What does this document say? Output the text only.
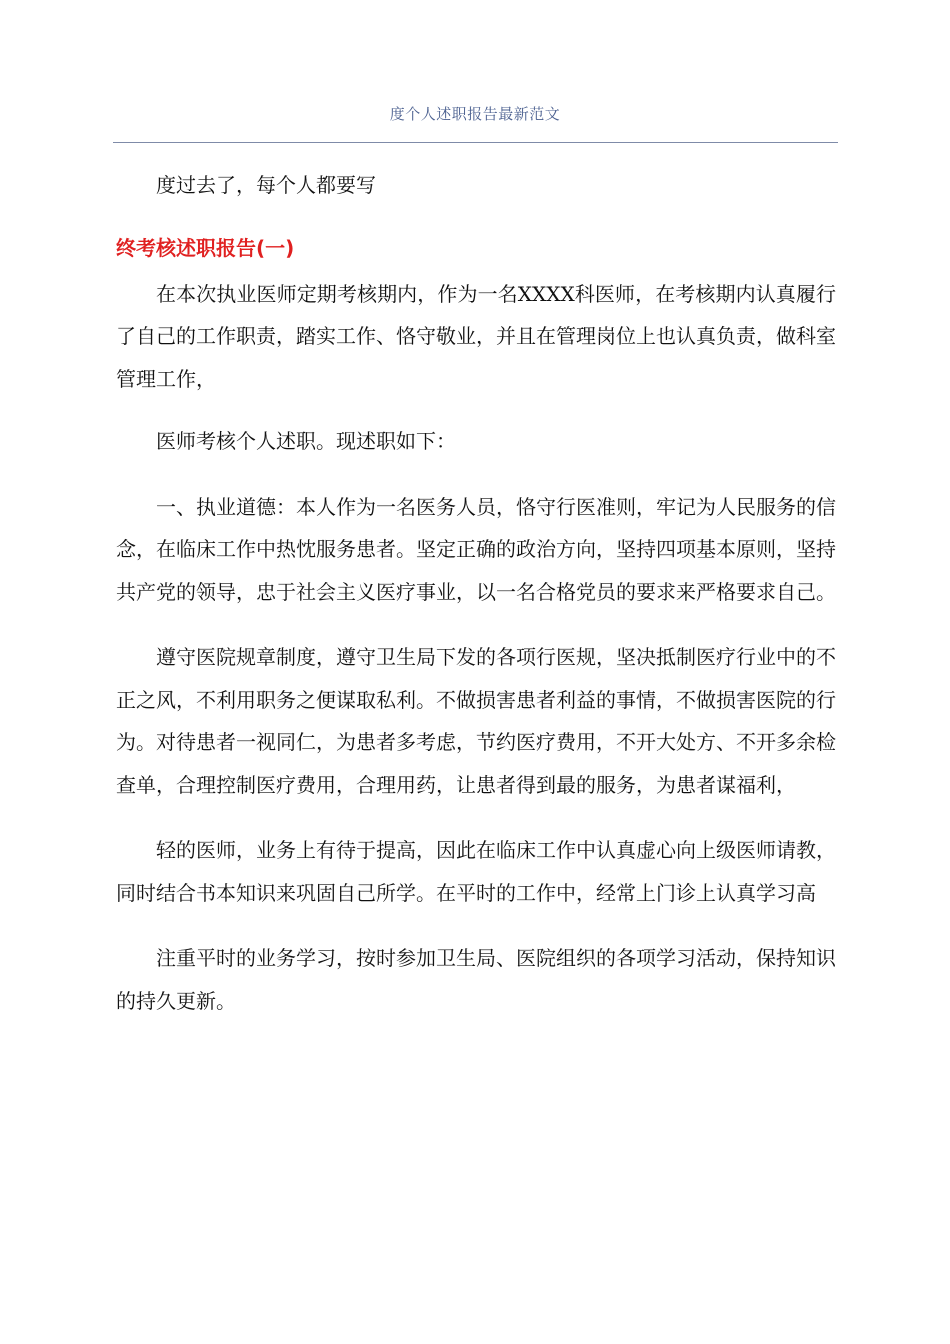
度个人述职报告最新范文

度过去了，每个人都要写

终考核述职报告(一)

在本次执业医师定期考核期内，作为一名XXXX科医师，在考核期内认真履行了自己的工作职责，踏实工作、恪守敬业，并且在管理岗位上也认真负责，做科室管理工作，

医师考核个人述职。现述职如下：

一、执业道德：本人作为一名医务人员，恪守行医准则，牢记为人民服务的信念，在临床工作中热忱服务患者。坚定正确的政治方向，坚持四项基本原则，坚持共产党的领导，忠于社会主义医疗事业，以一名合格党员的要求来严格要求自己。

遵守医院规章制度，遵守卫生局下发的各项行医规，坚决抵制医疗行业中的不正之风，不利用职务之便谋取私利。不做损害患者利益的事情，不做损害医院的行为。对待患者一视同仁，为患者多考虑，节约医疗费用，不开大处方、不开多余检查单，合理控制医疗费用，合理用药，让患者得到最的服务，为患者谋福利，

轻的医师，业务上有待于提高，因此在临床工作中认真虚心向上级医师请教，同时结合书本知识来巩固自己所学。在平时的工作中，经常上门诊上认真学习高

注重平时的业务学习，按时参加卫生局、医院组织的各项学习活动，保持知识的持久更新。
